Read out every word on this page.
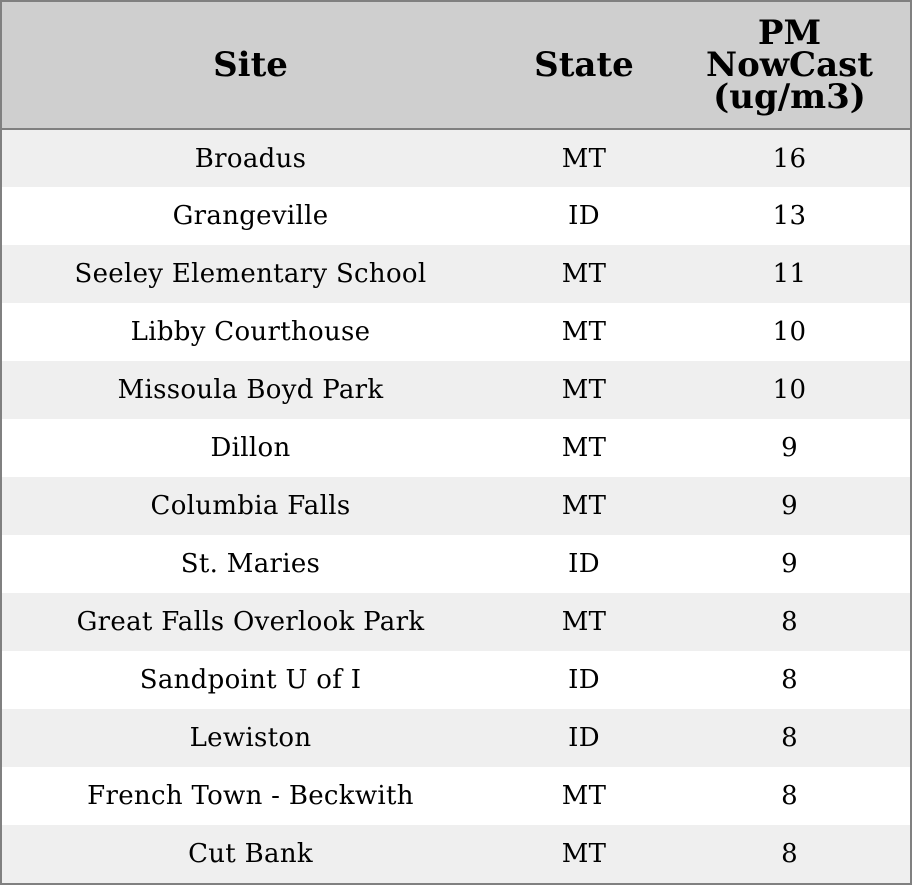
Site	State	PM
NowCast
(ug/m3)
Broadus	MT	16
Grangeville	ID	13
Seeley Elementary School	MT	11
Libby Courthouse	MT	10
Missoula Boyd Park	MT	10
Dillon	MT	9
Columbia Falls	MT	9
St. Maries	ID	9
Great Falls Overlook Park	MT	8
Sandpoint U of I	ID	8
Lewiston	ID	8
French Town - Beckwith	MT	8
Cut Bank	MT	8
